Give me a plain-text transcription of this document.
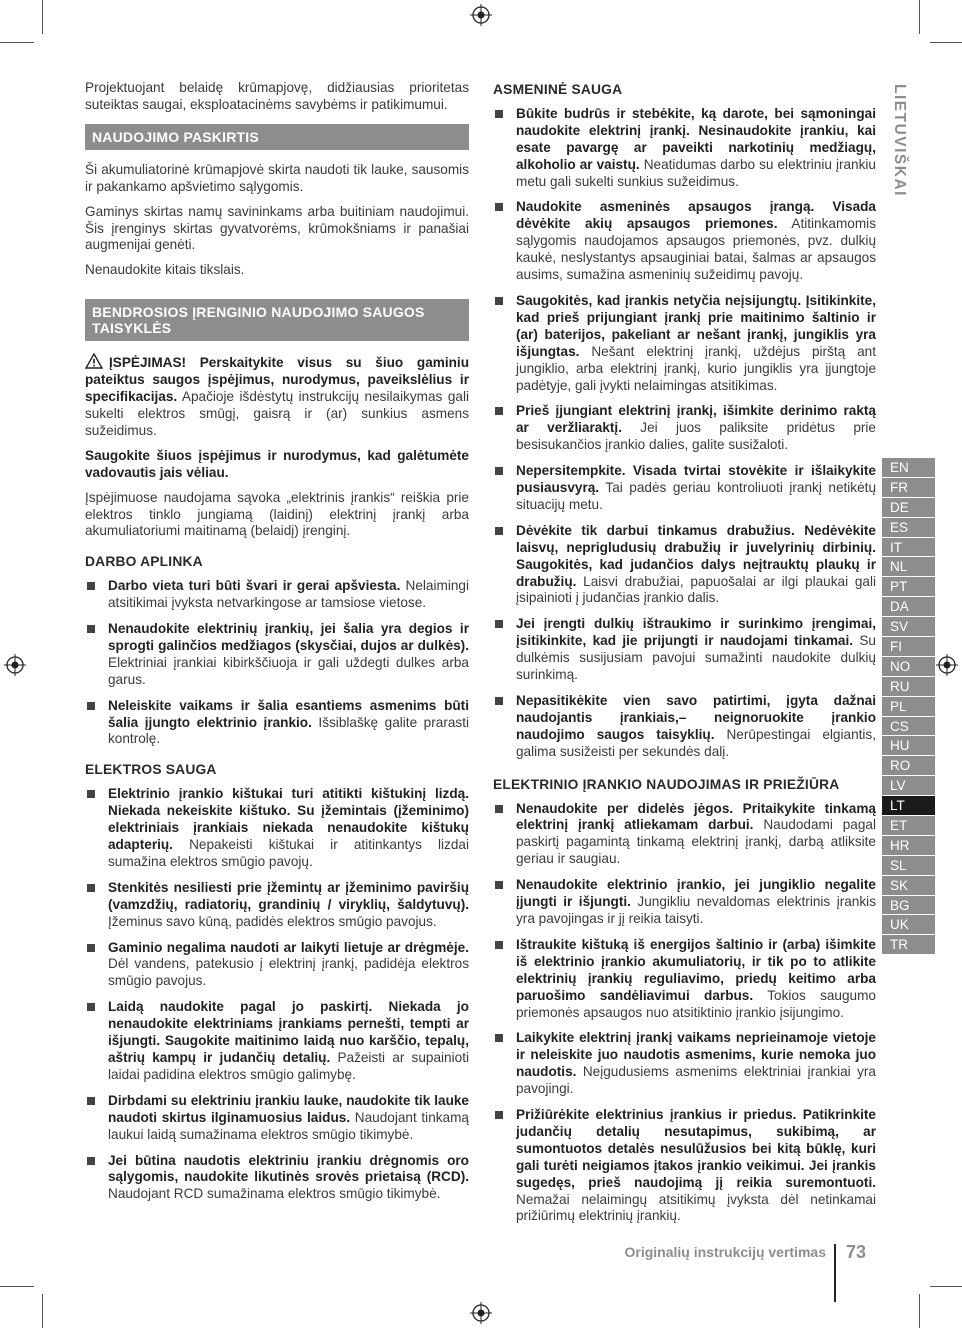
LIETUVIŠKAI
EN
FR
DE
ES
IT
NL
PT
DA
SV
FI
NO
RU
PL
CS
HU
RO
LV
LT
ET
HR
SL
SK
BG
UK
TR

Projektuojant belaidę krūmapjovę, didžiausias prioritetas suteiktas saugai, eksploatacinėms savybėms ir patikimumui.

NAUDOJIMO PASKIRTIS

Ši akumuliatorinė krūmapjovė skirta naudoti tik lauke, sausomis ir pakankamo apšvietimo sąlygomis.

Gaminys skirtas namų savininkams arba buitiniam naudojimui. Šis įrenginys skirtas gyvatvorėms, krūmokšniams ir panašiai augmenijai genėti.

Nenaudokite kitais tikslais.

BENDROSIOS ĮRENGINIO NAUDOJIMO SAUGOS TAISYKLĖS

ĮSPĖJIMAS! Perskaitykite visus su šiuo gaminiu pateiktus saugos įspėjimus, nurodymus, paveikslėlius ir specifikacijas. Apačioje išdėstytų instrukcijų nesilaikymas gali sukelti elektros smūgį, gaisrą ir (ar) sunkius asmens sužeidimus.

Saugokite šiuos įspėjimus ir nurodymus, kad galėtumėte vadovautis jais vėliau.

Įspėjimuose naudojama sąvoka „elektrinis įrankis“ reiškia prie elektros tinklo jungiamą (laidinį) elektrinį įrankį arba akumuliatoriumi maitinamą (belaidį) įrenginį.

DARBO APLINKA
Darbo vieta turi būti švari ir gerai apšviesta. Nelaimingi atsitikimai įvyksta netvarkingose ar tamsiose vietose.
Nenaudokite elektrinių įrankių, jei šalia yra degios ir sprogti galinčios medžiagos (skysčiai, dujos ar dulkės). Elektriniai įrankiai kibirkščiuoja ir gali uždegti dulkes arba garus.
Neleiskite vaikams ir šalia esantiems asmenims būti šalia įjungto elektrinio įrankio. Išsiblaškę galite prarasti kontrolę.
ELEKTROS SAUGA
Elektrinio įrankio kištukai turi atitikti kištukinį lizdą. Niekada nekeiskite kištuko. Su įžemintais (įžeminimo) elektriniais įrankiais niekada nenaudokite kištukų adapterių. Nepakeisti kištukai ir atitinkantys lizdai sumažina elektros smūgio pavojų.
Stenkitės nesiliesti prie įžemintų ar įžeminimo paviršių (vamzdžių, radiatorių, grandinių / viryklių, šaldytuvų). Įžeminus savo kūną, padidės elektros smūgio pavojus.
Gaminio negalima naudoti ar laikyti lietuje ar drėgmėje. Dėl vandens, patekusio į elektrinį įrankį, padidėja elektros smūgio pavojus.
Laidą naudokite pagal jo paskirtį. Niekada jo nenaudokite elektriniams įrankiams pernešti, tempti ar išjungti. Saugokite maitinimo laidą nuo karščio, tepalų, aštrių kampų ir judančių detalių. Pažeisti ar supainioti laidai padidina elektros smūgio galimybę.
Dirbdami su elektriniu įrankiu lauke, naudokite tik lauke naudoti skirtus ilginamuosius laidus. Naudojant tinkamą laukui laidą sumažinama elektros smūgio tikimybė.
Jei būtina naudotis elektriniu įrankiu drėgnomis oro sąlygomis, naudokite likutinės srovės prietaisą (RCD). Naudojant RCD sumažinama elektros smūgio tikimybė.
ASMENINĖ SAUGA
Būkite budrūs ir stebėkite, ką darote, bei sąmoningai naudokite elektrinį įrankį. Nesinaudokite įrankiu, kai esate pavargę ar paveikti narkotinių medžiagų, alkoholio ar vaistų. Neatidumas darbo su elektriniu įrankiu metu gali sukelti sunkius sužeidimus.
Naudokite asmeninės apsaugos įrangą. Visada dėvėkite akių apsaugos priemones. Atitinkamomis sąlygomis naudojamos apsaugos priemonės, pvz. dulkių kaukė, neslystantys apsauginiai batai, šalmas ar apsaugos ausims, sumažina asmeninių sužeidimų pavojų.
Saugokitės, kad įrankis netyčia neįsijungtų. Įsitikinkite, kad prieš prijungiant įrankį prie maitinimo šaltinio ir (ar) baterijos, pakeliant ar nešant įrankį, jungiklis yra išjungtas. Nešant elektrinį įrankį, uždėjus pirštą ant jungiklio, arba elektrinį įrankį, kurio jungiklis yra įjungtoje padėtyje, gali įvykti nelaimingas atsitikimas.
Prieš įjungiant elektrinį įrankį, išimkite derinimo raktą ar veržliaraktį. Jei juos paliksite pridėtus prie besisukančios įrankio dalies, galite susižaloti.
Nepersitempkite. Visada tvirtai stovėkite ir išlaikykite pusiausvyrą. Tai padės geriau kontroliuoti įrankį netikėtų situacijų metu.
Dėvėkite tik darbui tinkamus drabužius. Nedėvėkite laisvų, neprigludusių drabužių ir juvelyrinių dirbinių. Saugokitės, kad judančios dalys neįtrauktų plaukų ir drabužių. Laisvi drabužiai, papuošalai ar ilgi plaukai gali įsipainioti į judančias įrankio dalis.
Jei įrengti dulkių ištraukimo ir surinkimo įrengimai, įsitikinkite, kad jie prijungti ir naudojami tinkamai. Su dulkėmis susijusiam pavojui sumažinti naudokite dulkių surinkimą.
Nepasitikėkite vien savo patirtimi, įgyta dažnai naudojantis įrankiais,– neignoruokite įrankio naudojimo saugos taisyklių. Nerūpestingai elgiantis, galima susižeisti per sekundės dalį.
ELEKTRINIO ĮRANKIO NAUDOJIMAS IR PRIEŽIŪRA
Nenaudokite per didelės jėgos. Pritaikykite tinkamą elektrinį įrankį atliekamam darbui. Naudodami pagal paskirtį pagamintą tinkamą elektrinį įrankį, darbą atliksite geriau ir saugiau.
Nenaudokite elektrinio įrankio, jei jungiklio negalite įjungti ir išjungti. Jungikliu nevaldomas elektrinis įrankis yra pavojingas ir jį reikia taisyti.
Ištraukite kištuką iš energijos šaltinio ir (arba) išimkite iš elektrinio įrankio akumuliatorių, ir tik po to atlikite elektrinių įrankių reguliavimo, priedų keitimo arba paruošimo sandėliavimui darbus. Tokios saugumo priemonės apsaugos nuo atsitiktinio įrankio įsijungimo.
Laikykite elektrinį įrankį vaikams neprieinamoje vietoje ir neleiskite juo naudotis asmenims, kurie nemoka juo naudotis. Neįgudusiems asmenims elektriniai įrankiai yra pavojingi.
Prižiūrėkite elektrinius įrankius ir priedus. Patikrinkite judančių detalių nesutapimus, sukibimą, ar sumontuotos detalės nesulūžusios bei kitą būklę, kuri gali turėti neigiamos įtakos įrankio veikimui. Jei įrankis sugedęs, prieš naudojimą jį reikia suremontuoti. Nemažai nelaimingų atsitikimų įvyksta dėl netinkamai prižiūrimų elektrinių įrankių.
Originalių instrukcijų vertimas 73
